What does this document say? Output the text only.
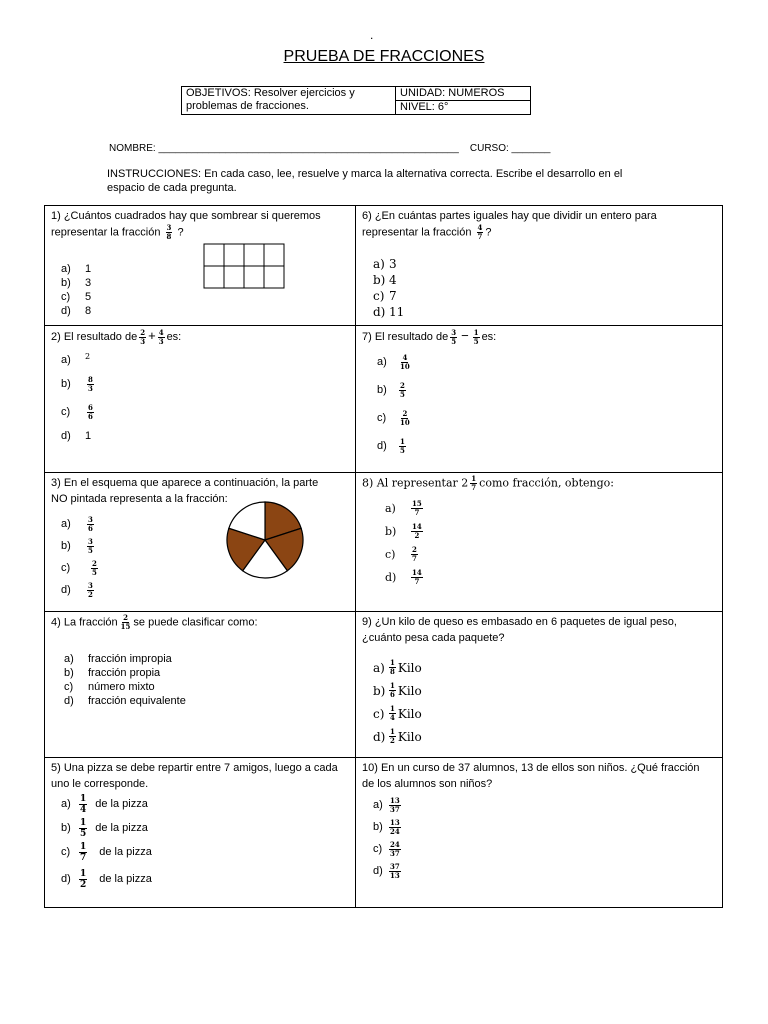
.
PRUEBA DE FRACCIONES
OBJETIVOS: Resolver ejercicios y problemas de fracciones.	UNIDAD: NUMEROS
NIVEL: 6°
NOMBRE: ______________________________________________________    CURSO: _______
INSTRUCCIONES: En cada caso, lee, resuelve y marca la alternativa correcta. Escribe el desarrollo en el espacio de cada pregunta.
1) ¿Cuántos cuadrados hay que sombrear si queremos
representar la fracción $\frac{3}{8}$ ?
a)	1
b)	3
c)	5
d)	8
6) ¿En cuántas partes iguales hay que dividir un entero para
representar la fracción $\frac{4}{7}$ ?
a) 3
b) 4
c) 7
d) 11
2) El resultado de $\frac{2}{3} + \frac{4}{3}$ es:
a)	2
b)	$\frac{8}{3}$
c)	$\frac{6}{6}$
d)	1
7) El resultado de $\frac{3}{5} - \frac{1}{5}$ es:
a)	$\frac{4}{10}$
b)	$\frac{2}{5}$
c)	$\frac{2}{10}$
d)	$\frac{1}{5}$
3) En el esquema que aparece a continuación, la parte
NO pintada representa a la fracción:
a)	$\frac{3}{6}$
b)	$\frac{3}{5}$
c)	$\frac{2}{5}$
d)	$\frac{3}{2}$
8) Al representar $2 \frac{1}{7}$ como fracción, obtengo:
a)	$\frac{15}{7}$
b)	$\frac{14}{2}$
c)	$\frac{2}{7}$
d)	$\frac{14}{7}$
4) La fracción $\frac{2}{15}$ se puede clasificar como:
a)	fracción impropia
b)	fracción propia
c)	número mixto
d)	fracción equivalente
9) ¿Un kilo de queso es embasado en 6 paquetes de igual peso,
¿cuánto pesa cada paquete?
$a) \frac{1}{8}$ Kilo
$b) \frac{1}{6}$ Kilo
$c) \frac{1}{4}$ Kilo
$d) \frac{1}{2}$ Kilo
5) Una pizza se debe repartir entre 7 amigos, luego a cada
uno le corresponde.
$a) \frac{1}{4}$ de la pizza
$b) \frac{1}{5}$ de la pizza
$c) \frac{1}{7}$ de la pizza
$d) \frac{1}{2}$ de la pizza
10) En un curso de 37 alumnos, 13 de ellos son niños. ¿Qué fracción
de los alumnos son niños?
$a) \frac{13}{37}$
$b) \frac{13}{24}$
$c) \frac{24}{37}$
$d) \frac{37}{13}$
